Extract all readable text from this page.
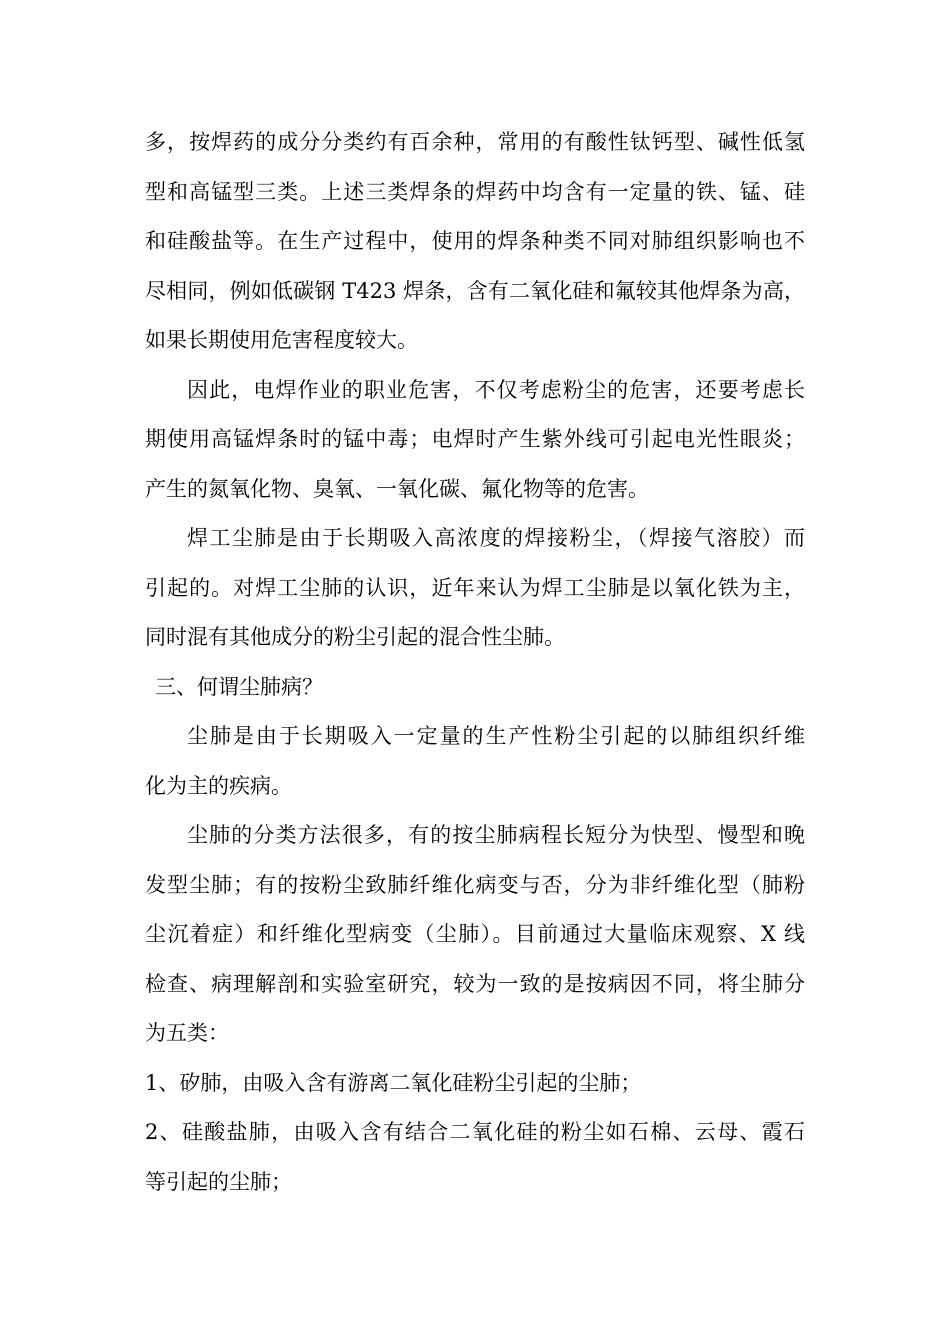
多，按焊药的成分分类约有百余种，常用的有酸性钛钙型、碱性低氢
型和高锰型三类。上述三类焊条的焊药中均含有一定量的铁、锰、硅
和硅酸盐等。在生产过程中，使用的焊条种类不同对肺组织影响也不
尽相同，例如低碳钢 T423 焊条，含有二氧化硅和氟较其他焊条为高，
如果长期使用危害程度较大。
因此，电焊作业的职业危害，不仅考虑粉尘的危害，还要考虑长
期使用高锰焊条时的锰中毒；电焊时产生紫外线可引起电光性眼炎；
产生的氮氧化物、臭氧、一氧化碳、氟化物等的危害。
焊工尘肺是由于长期吸入高浓度的焊接粉尘，（焊接气溶胶）而
引起的。对焊工尘肺的认识，近年来认为焊工尘肺是以氧化铁为主，
同时混有其他成分的粉尘引起的混合性尘肺。
三、何谓尘肺病？
尘肺是由于长期吸入一定量的生产性粉尘引起的以肺组织纤维
化为主的疾病。
尘肺的分类方法很多，有的按尘肺病程长短分为快型、慢型和晚
发型尘肺；有的按粉尘致肺纤维化病变与否，分为非纤维化型（肺粉
尘沉着症）和纤维化型病变（尘肺）。目前通过大量临床观察、X 线
检查、病理解剖和实验室研究，较为一致的是按病因不同，将尘肺分
为五类：
1、矽肺，由吸入含有游离二氧化硅粉尘引起的尘肺；
2、硅酸盐肺，由吸入含有结合二氧化硅的粉尘如石棉、云母、霞石
等引起的尘肺；
